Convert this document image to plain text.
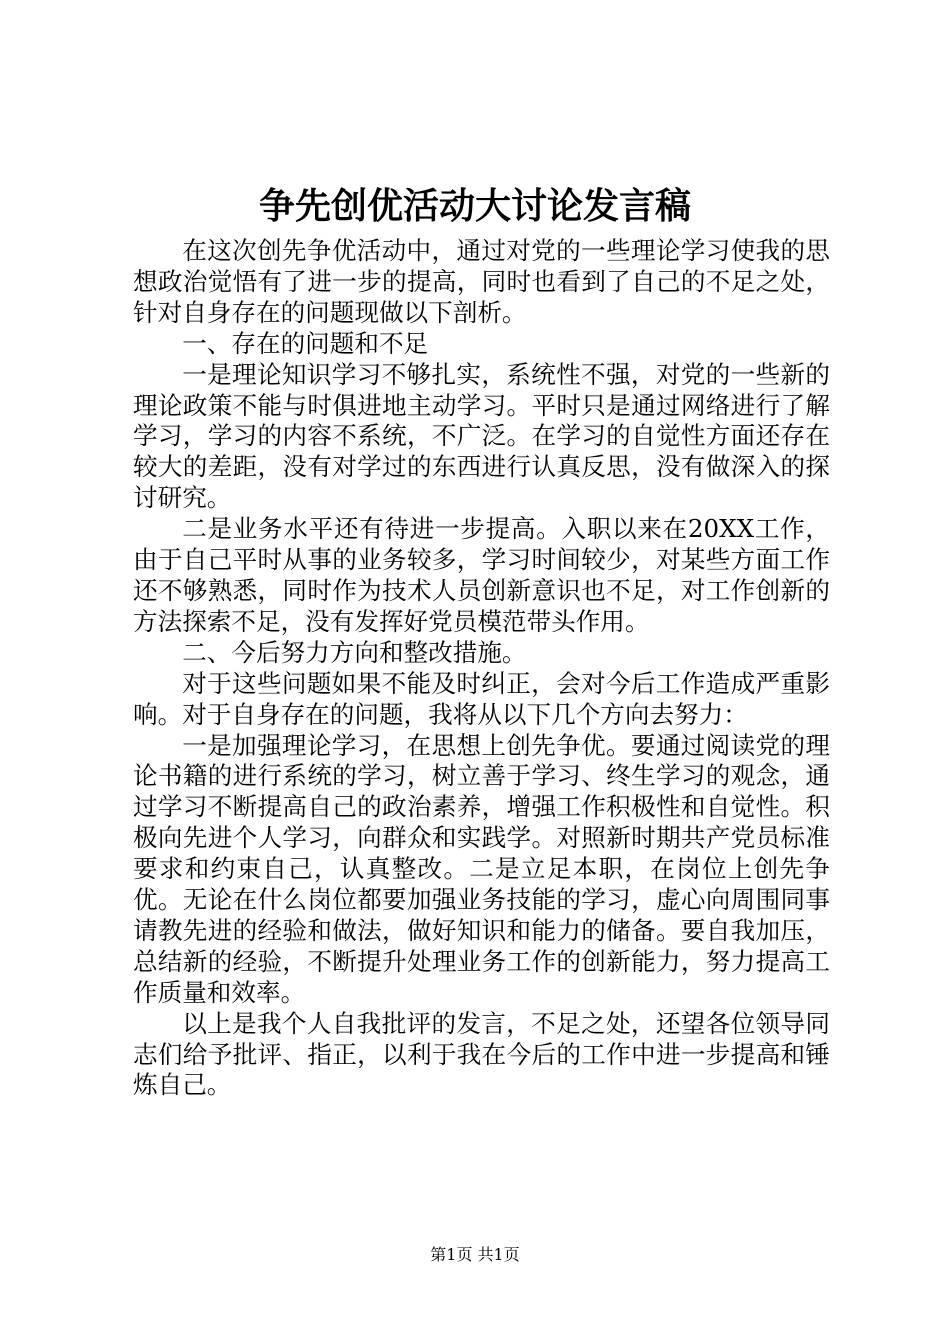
争先创优活动大讨论发言稿

在这次创先争优活动中，通过对党的一些理论学习使我的思想政治觉悟有了进一步的提高，同时也看到了自己的不足之处，针对自身存在的问题现做以下剖析。

一、存在的问题和不足

一是理论知识学习不够扎实，系统性不强，对党的一些新的理论政策不能与时俱进地主动学习。平时只是通过网络进行了解学习，学习的内容不系统，不广泛。在学习的自觉性方面还存在较大的差距，没有对学过的东西进行认真反思，没有做深入的探讨研究。

二是业务水平还有待进一步提高。入职以来在20XX工作，由于自己平时从事的业务较多，学习时间较少，对某些方面工作还不够熟悉，同时作为技术人员创新意识也不足，对工作创新的方法探索不足，没有发挥好党员模范带头作用。

二、今后努力方向和整改措施。

对于这些问题如果不能及时纠正，会对今后工作造成严重影响。对于自身存在的问题，我将从以下几个方向去努力：

一是加强理论学习，在思想上创先争优。要通过阅读党的理论书籍的进行系统的学习，树立善于学习、终生学习的观念，通过学习不断提高自己的政治素养，增强工作积极性和自觉性。积极向先进个人学习，向群众和实践学。对照新时期共产党员标准要求和约束自己，认真整改。二是立足本职，在岗位上创先争优。无论在什么岗位都要加强业务技能的学习，虚心向周围同事请教先进的经验和做法，做好知识和能力的储备。要自我加压，总结新的经验，不断提升处理业务工作的创新能力，努力提高工作质量和效率。

以上是我个人自我批评的发言，不足之处，还望各位领导同志们给予批评、指正，以利于我在今后的工作中进一步提高和锤炼自己。

第1页 共1页
